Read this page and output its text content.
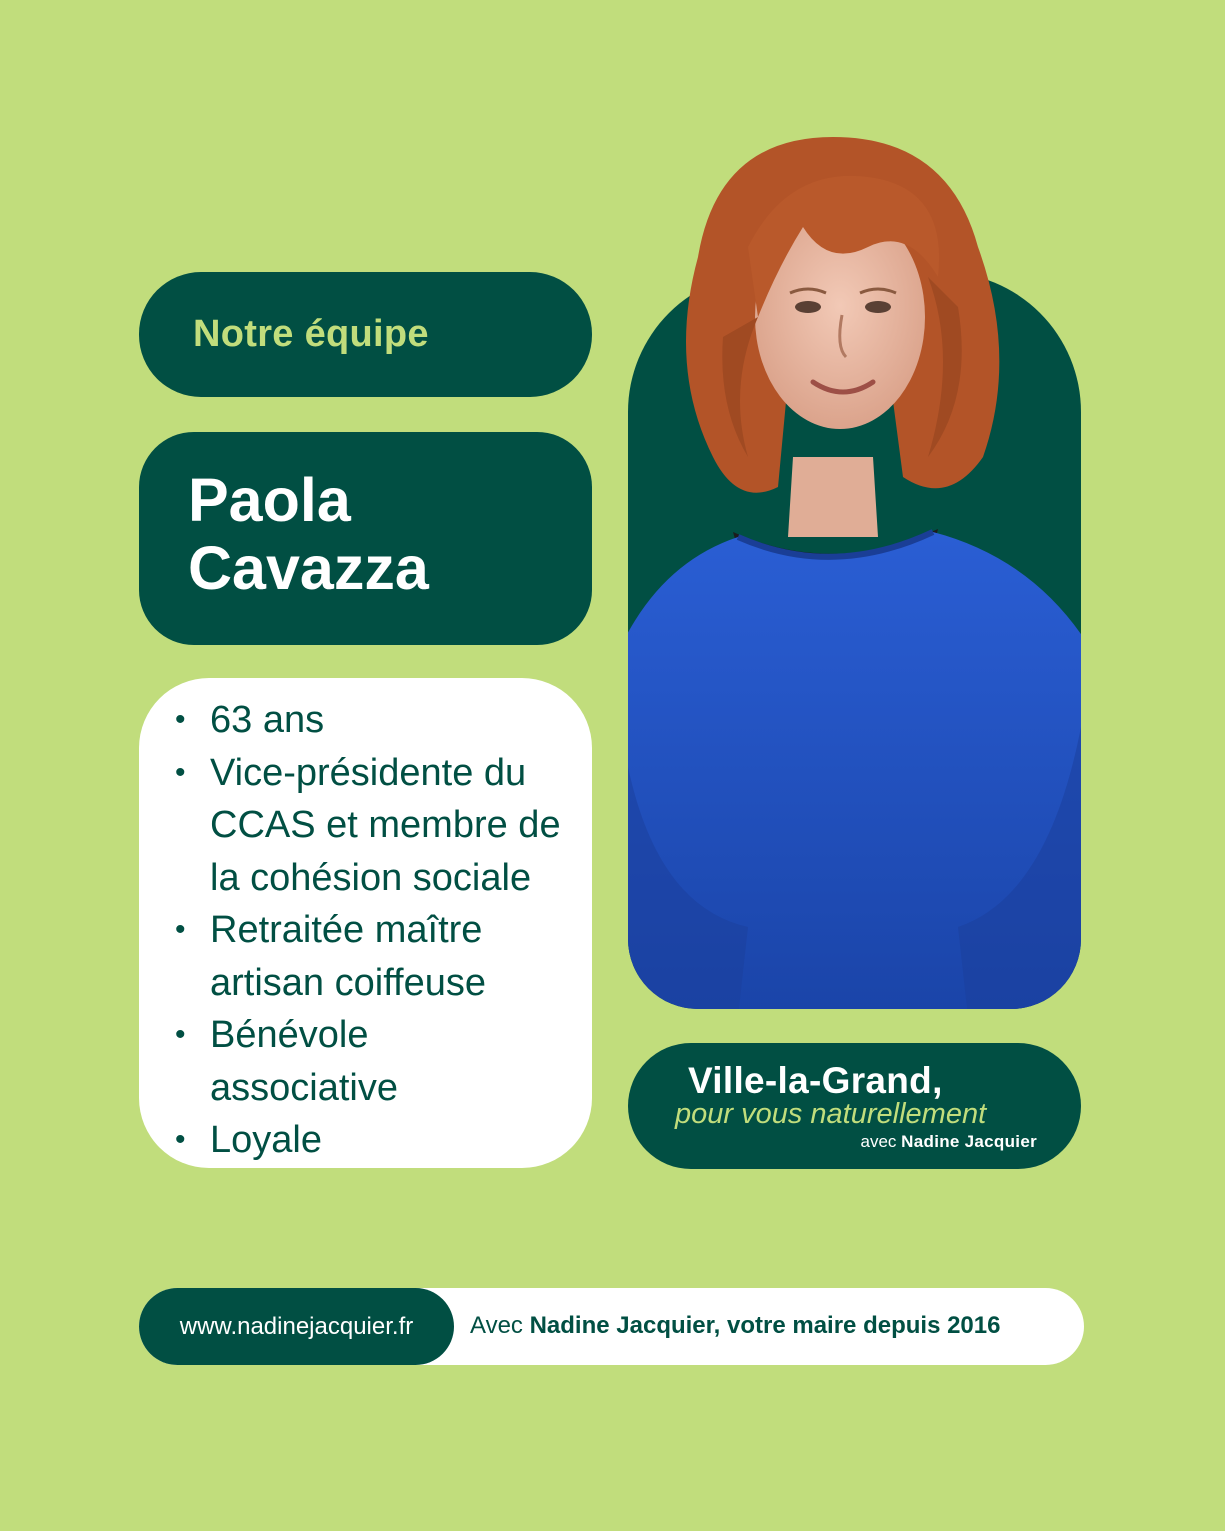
Notre équipe
Paola
Cavazza
• 63 ans
• Vice-présidente du
CCAS et membre de
la cohésion sociale
• Retraitée maître
artisan coiffeuse
• Bénévole
associative
• Loyale
Ville-la-Grand,
pour vous naturellement
avec Nadine Jacquier
www.nadinejacquier.fr	Avec Nadine Jacquier, votre maire depuis 2016
